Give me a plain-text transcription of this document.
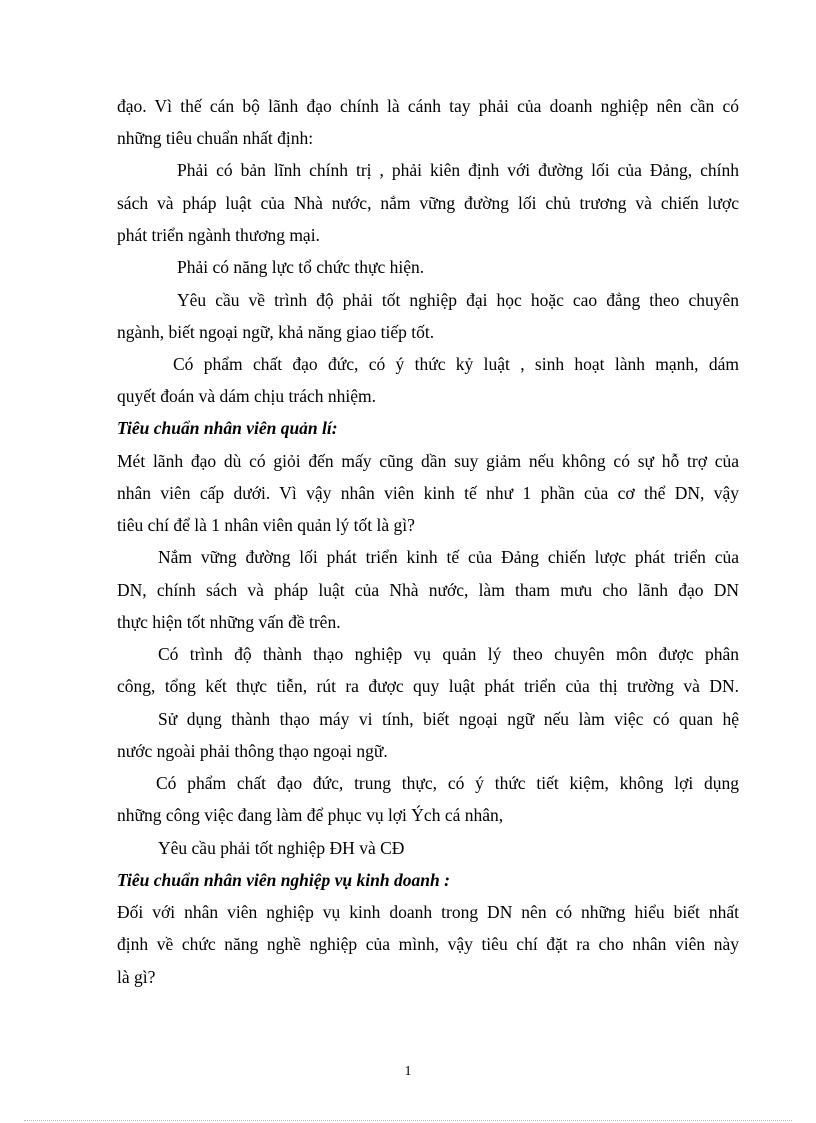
đạo. Vì thế cán bộ lãnh đạo chính là cánh tay phải của doanh nghiệp nên cần có
những tiêu chuẩn nhất định:
Phải có bản lĩnh chính trị , phải kiên định với đường lối của Đảng, chính
sách và pháp luật của Nhà nước, nắm vững đường lối chủ trương và chiến lược
phát triển ngành thương mại.
Phải có năng lực tổ chức thực hiện.
Yêu cầu về trình độ phải tốt nghiệp đại học hoặc cao đẳng theo chuyên
ngành, biết ngoại ngữ, khả năng giao tiếp tốt.
Có phẩm chất đạo đức, có ý thức kỷ luật , sinh hoạt lành mạnh, dám
quyết đoán và dám chịu trách nhiệm.
Tiêu chuẩn nhân viên quản lí:
Mét lãnh đạo dù có giỏi đến mấy cũng dần suy giảm nếu không có sự hỗ trợ của
nhân viên cấp dưới. Vì vậy nhân viên kinh tế như 1 phần của cơ thể DN, vậy
tiêu chí để là 1 nhân viên quản lý tốt là gì?
Nắm vững đường lối phát triển kinh tế của Đảng chiến lược phát triển của
DN, chính sách và pháp luật của Nhà nước, làm tham mưu cho lãnh đạo DN
thực hiện tốt những vấn đề trên.
Có trình độ thành thạo nghiệp vụ quản lý theo chuyên môn được phân
công, tổng kết thực tiễn, rút ra được quy luật phát triển của thị trường và DN.
Sử dụng thành thạo máy vi tính, biết ngoại ngữ nếu làm việc có quan hệ
nước ngoài phải thông thạo ngoại ngữ.
Có phẩm chất đạo đức, trung thực, có ý thức tiết kiệm, không lợi dụng
những công việc đang làm để phục vụ lợi Ých cá nhân,
Yêu cầu phải tốt nghiệp ĐH và CĐ
Tiêu chuẩn nhân viên nghiệp vụ kinh doanh :
Đối với nhân viên nghiệp vụ kinh doanh trong DN nên có những hiểu biết nhất
định về chức năng nghề nghiệp của mình, vậy tiêu chí đặt ra cho nhân viên này
là gì?
1
